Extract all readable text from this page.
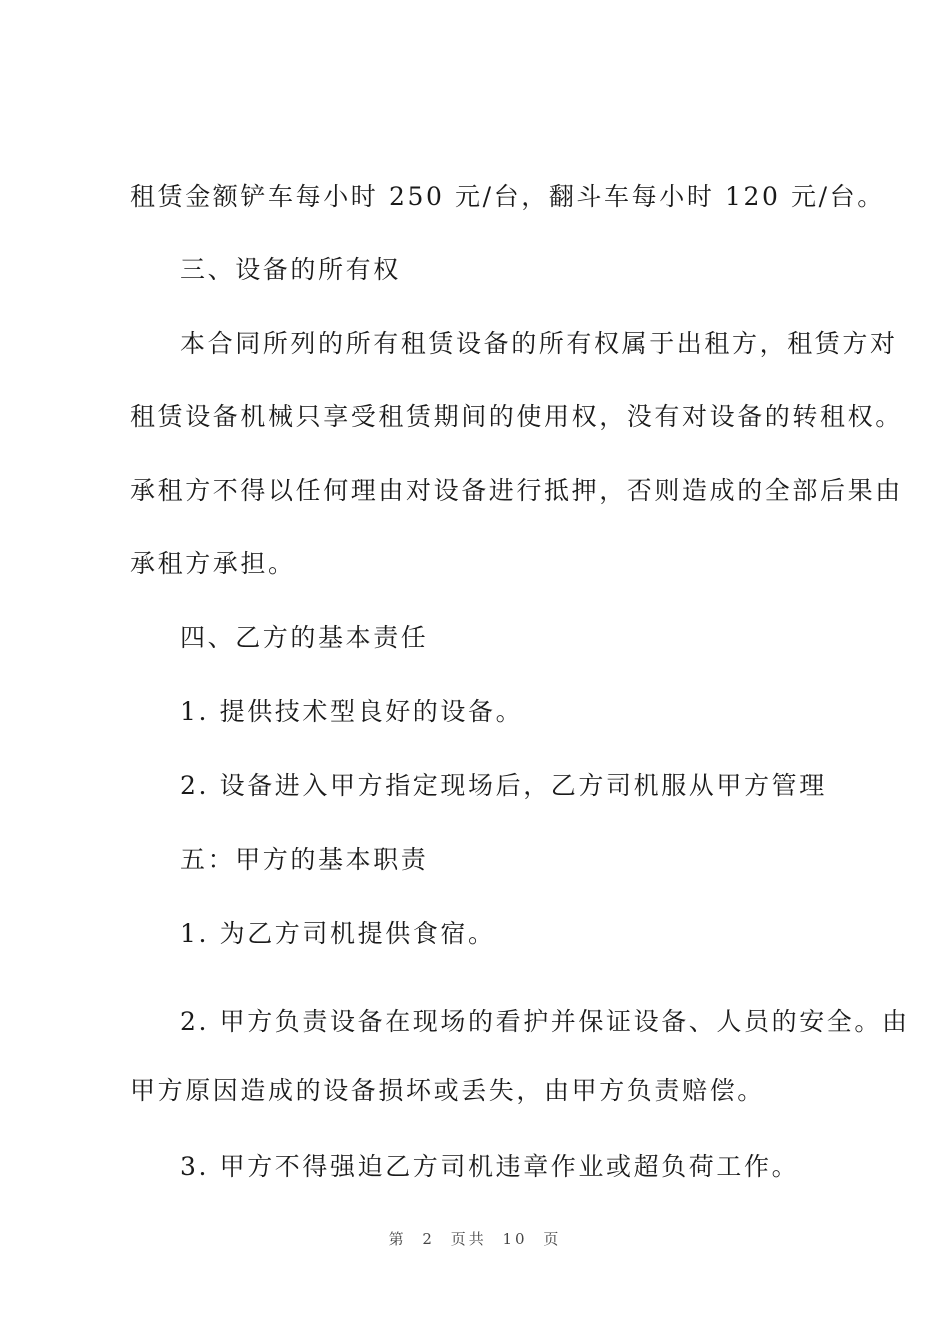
租赁金额铲车每小时 250 元/台，翻斗车每小时 120 元/台。
三、设备的所有权
本合同所列的所有租赁设备的所有权属于出租方，租赁方对
租赁设备机械只享受租赁期间的使用权，没有对设备的转租权。
承租方不得以任何理由对设备进行抵押，否则造成的全部后果由
承租方承担。
四、乙方的基本责任
1. 提供技术型良好的设备。
2. 设备进入甲方指定现场后，乙方司机服从甲方管理
五：甲方的基本职责
1. 为乙方司机提供食宿。
2. 甲方负责设备在现场的看护并保证设备、人员的安全。由
甲方原因造成的设备损坏或丢失，由甲方负责赔偿。
3. 甲方不得强迫乙方司机违章作业或超负荷工作。
第 2 页共 10 页
